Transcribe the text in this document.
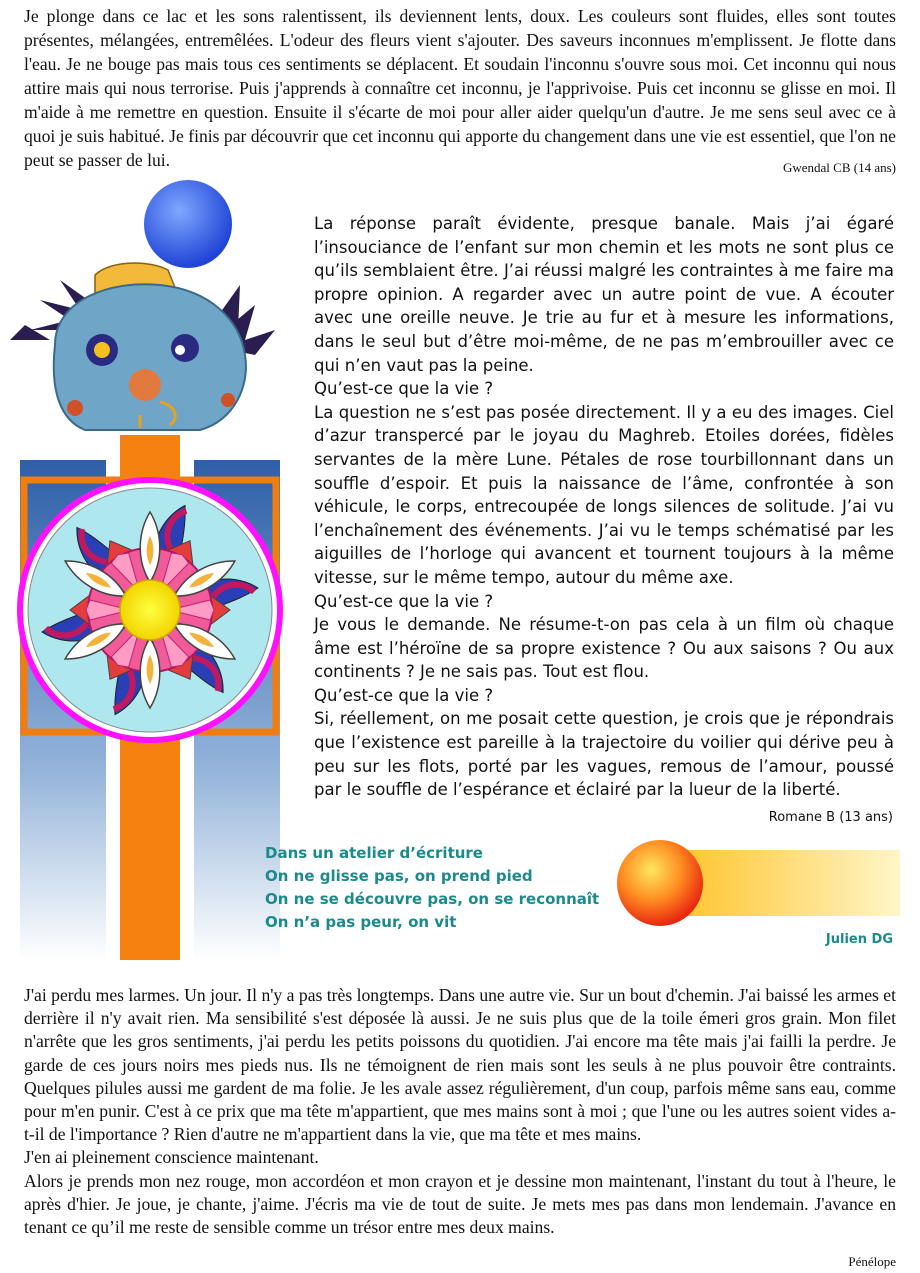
Je plonge dans ce lac et les sons ralentissent, ils deviennent lents, doux. Les couleurs sont fluides, elles sont toutes présentes, mélangées, entremêlées. L'odeur des fleurs vient s'ajouter. Des saveurs inconnues m'emplissent. Je flotte dans l'eau. Je ne bouge pas mais tous ces sentiments se déplacent. Et soudain l'inconnu s'ouvre sous moi. Cet inconnu qui nous attire mais qui nous terrorise. Puis j'apprends à connaître cet inconnu, je l'apprivoise. Puis cet inconnu se glisse en moi. Il m'aide à me remettre en question. Ensuite il s'écarte de moi pour aller aider quelqu'un d'autre. Je me sens seul avec ce à quoi je suis habitué. Je finis par découvrir que cet inconnu qui apporte du changement dans une vie est essentiel, que l'on ne peut se passer de lui.	Gwendal CB (14 ans)

La réponse paraît évidente, presque banale. Mais j’ai égaré l’insouciance de l’enfant sur mon chemin et les mots ne sont plus ce qu’ils semblaient être. J’ai réussi malgré les contraintes à me faire ma propre opinion. A regarder avec un autre point de vue. A écouter avec une oreille neuve. Je trie au fur et à mesure les informations, dans le seul but d’être moi-même, de ne pas m’embrouiller avec ce qui n’en vaut pas la peine.

Qu’est-ce que la vie ?

La question ne s’est pas posée directement. Il y a eu des images. Ciel d’azur transpercé par le joyau du Maghreb. Etoiles dorées, fidèles servantes de la mère Lune. Pétales de rose tourbillonnant dans un souffle d’espoir. Et puis la naissance de l’âme, confrontée à son véhicule, le corps, entrecoupée de longs silences de solitude. J’ai vu l’enchaînement des événements. J’ai vu le temps schématisé par les aiguilles de l’horloge qui avancent et tournent toujours à la même vitesse, sur le même tempo, autour du même axe.

Qu’est-ce que la vie ?

Je vous le demande. Ne résume-t-on pas cela à un film où chaque âme est l’héroïne de sa propre existence ? Ou aux saisons ? Ou aux continents ? Je ne sais pas. Tout est flou.

Qu’est-ce que la vie ?

Si, réellement, on me posait cette question, je crois que je répondrais que l’existence est pareille à la trajectoire du voilier qui dérive peu à peu sur les flots, porté par les vagues, remous de l’amour, poussé par le souffle de l’espérance et éclairé par la lueur de la liberté.

Romane B (13 ans)

Dans un atelier d’écriture
On ne glisse pas, on prend pied
On ne se découvre pas, on se reconnaît
On n’a pas peur, on vit

Julien DG

J'ai perdu mes larmes. Un jour. Il n'y a pas très longtemps. Dans une autre vie. Sur un bout d'chemin. J'ai baissé les armes et derrière il n'y avait rien. Ma sensibilité s'est déposée là aussi. Je ne suis plus que de la toile émeri gros grain. Mon filet n'arrête que les gros sentiments, j'ai perdu les petits poissons du quotidien. J'ai encore ma tête mais j'ai failli la perdre. Je garde de ces jours noirs mes pieds nus. Ils ne témoignent de rien mais sont les seuls à ne plus pouvoir être contraints. Quelques pilules aussi me gardent de ma folie. Je les avale assez régulièrement, d'un coup, parfois même sans eau, comme pour m'en punir. C'est à ce prix que ma tête m'appartient, que mes mains sont à moi ; que l'une ou les autres soient vides a-t-il de l'importance ? Rien d'autre ne m'appartient dans la vie, que ma tête et mes mains.

J'en ai pleinement conscience maintenant.

Alors je prends mon nez rouge, mon accordéon et mon crayon et je dessine mon maintenant, l'instant du tout à l'heure, le après d'hier. Je joue, je chante, j'aime. J'écris ma vie de tout de suite. Je mets mes pas dans mon lendemain. J'avance en tenant ce qu’il me reste de sensible comme un trésor entre mes deux mains.

Pénélope
